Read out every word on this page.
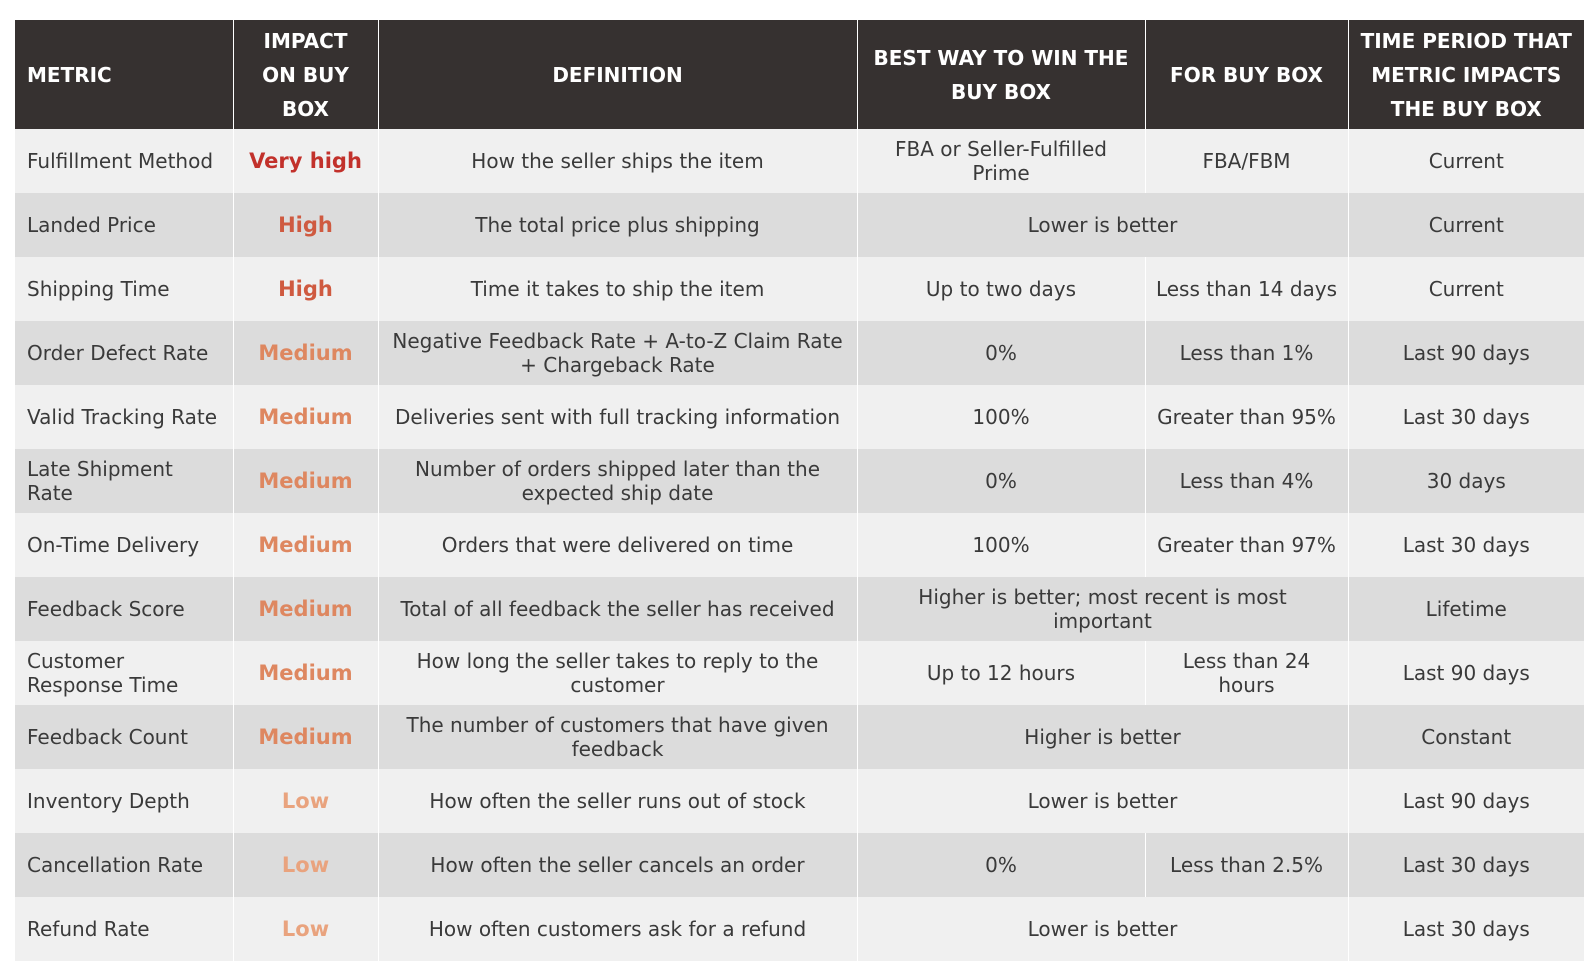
METRIC	IMPACT ON BUY BOX	DEFINITION	BEST WAY TO WIN THE BUY BOX	FOR BUY BOX	TIME PERIOD THAT METRIC IMPACTS THE BUY BOX
Fulfillment Method	Very high	How the seller ships the item	FBA or Seller-Fulfilled Prime	FBA/FBM	Current
Landed Price	High	The total price plus shipping	Lower is better		Current
Shipping Time	High	Time it takes to ship the item	Up to two days	Less than 14 days	Current
Order Defect Rate	Medium	Negative Feedback Rate + A-to-Z Claim Rate + Chargeback Rate	0%	Less than 1%	Last 90 days
Valid Tracking Rate	Medium	Deliveries sent with full tracking information	100%	Greater than 95%	Last 30 days
Late Shipment Rate	Medium	Number of orders shipped later than the expected ship date	0%	Less than 4%	30 days
On-Time Delivery	Medium	Orders that were delivered on time	100%	Greater than 97%	Last 30 days
Feedback Score	Medium	Total of all feedback the seller has received	Higher is better; most recent is most important		Lifetime
Customer Response Time	Medium	How long the seller takes to reply to the customer	Up to 12 hours	Less than 24 hours	Last 90 days
Feedback Count	Medium	The number of customers that have given feedback	Higher is better		Constant
Inventory Depth	Low	How often the seller runs out of stock	Lower is better		Last 90 days
Cancellation Rate	Low	How often the seller cancels an order	0%	Less than 2.5%	Last 30 days
Refund Rate	Low	How often customers ask for a refund	Lower is better		Last 30 days
